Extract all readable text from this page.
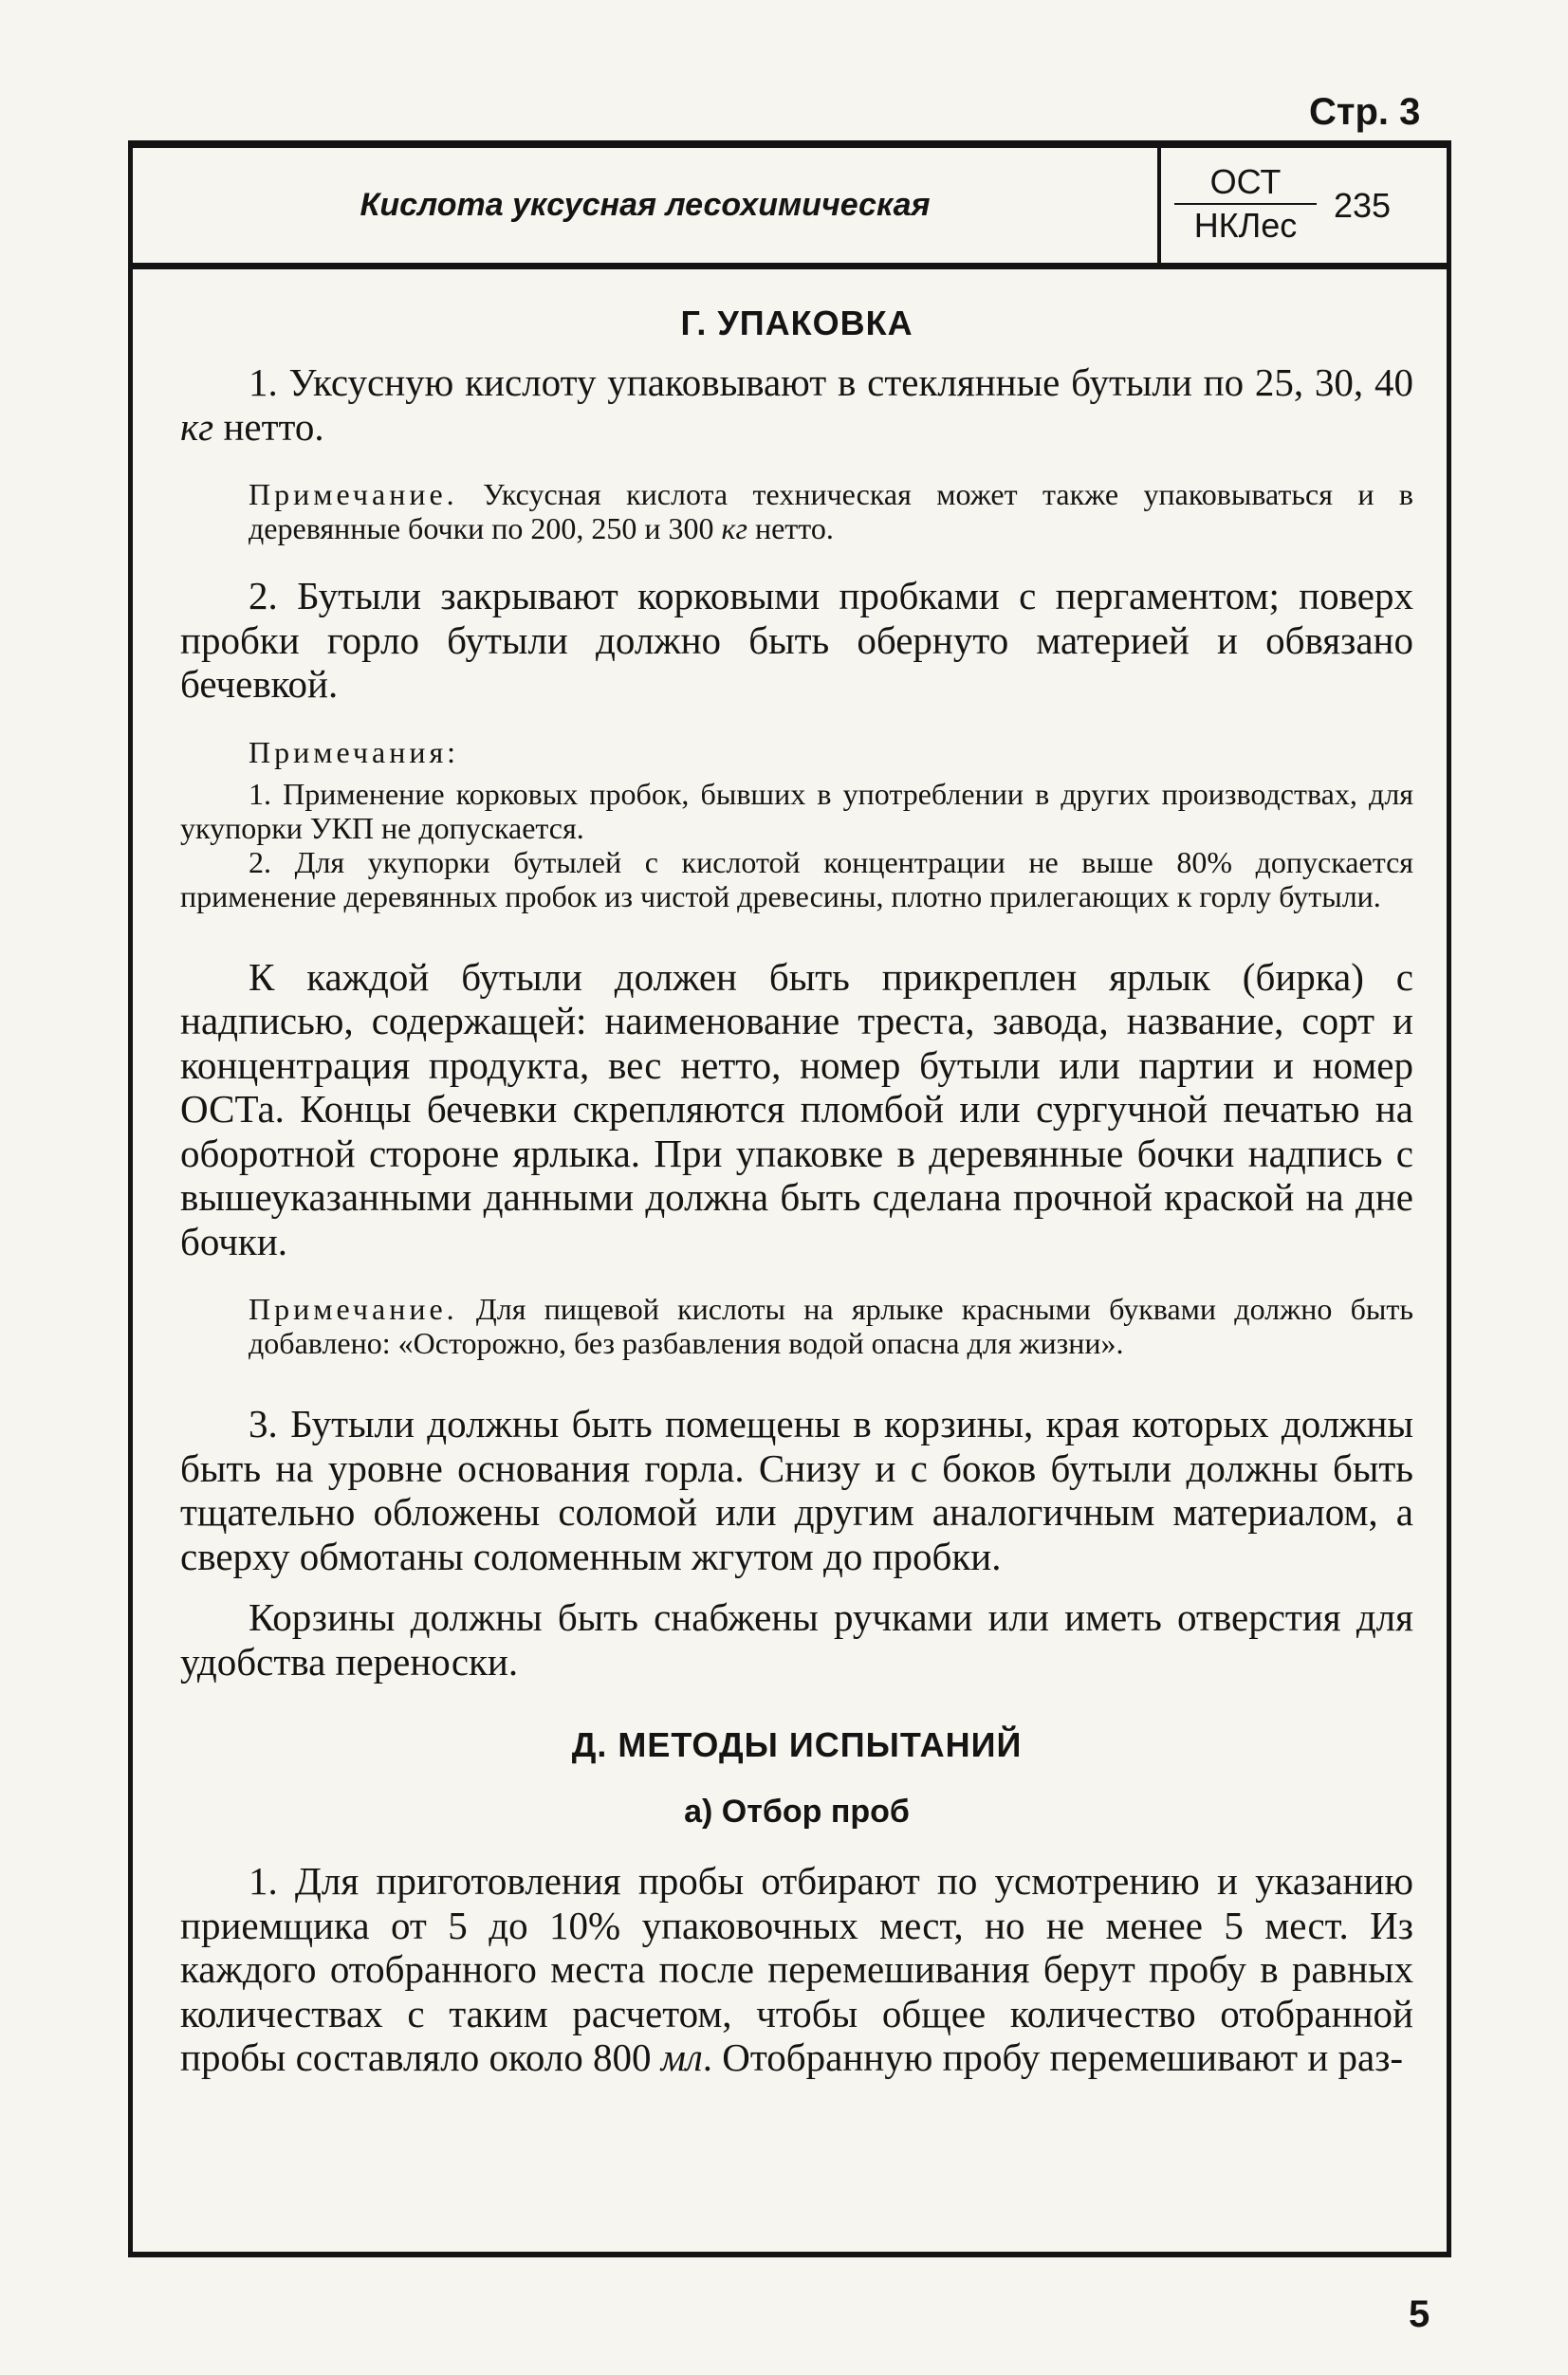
Стр. 3
Кислота уксусная лесохимическая
ОСТ
НКЛес
235
Г. УПАКОВКА

1. Уксусную кислоту упаковывают в стеклянные бутыли по 25, 30, 40 кг нетто.

Примечание. Уксусная кислота техническая может также упаковываться и в деревянные бочки по 200, 250 и 300 кг нетто.

2. Бутыли закрывают корковыми пробками с пергаментом; поверх пробки горло бутыли должно быть обернуто материей и обвязано бечевкой.

Примечания:

1. Применение корковых пробок, бывших в употреблении в других производствах, для укупорки УКП не допускается.

2. Для укупорки бутылей с кислотой концентрации не выше 80% допускается применение деревянных пробок из чистой древесины, плотно прилегающих к горлу бутыли.

К каждой бутыли должен быть прикреплен ярлык (бирка) с надписью, содержащей: наименование треста, завода, название, сорт и концентрация продукта, вес нетто, номер бутыли или партии и номер ОСТа. Концы бечевки скрепляются пломбой или сургучной печатью на оборотной стороне ярлыка. При упаковке в деревянные бочки надпись с вышеуказанными данными должна быть сделана прочной краской на дне бочки.

Примечание. Для пищевой кислоты на ярлыке красными буквами должно быть добавлено: «Осторожно, без разбавления водой опасна для жизни».

3. Бутыли должны быть помещены в корзины, края которых должны быть на уровне основания горла. Снизу и с боков бутыли должны быть тщательно обложены соломой или другим аналогичным материалом, а сверху обмотаны соломенным жгутом до пробки.

Корзины должны быть снабжены ручками или иметь отверстия для удобства переноски.

Д. МЕТОДЫ ИСПЫТАНИЙ
а) Отбор проб

1. Для приготовления пробы отбирают по усмотрению и указанию приемщика от 5 до 10% упаковочных мест, но не менее 5 мест. Из каждого отобранного места после перемешивания берут пробу в равных количествах с таким расчетом, чтобы общее количество отобранной пробы составляло около 800 мл. Отобранную пробу перемешивают и раз-

5
